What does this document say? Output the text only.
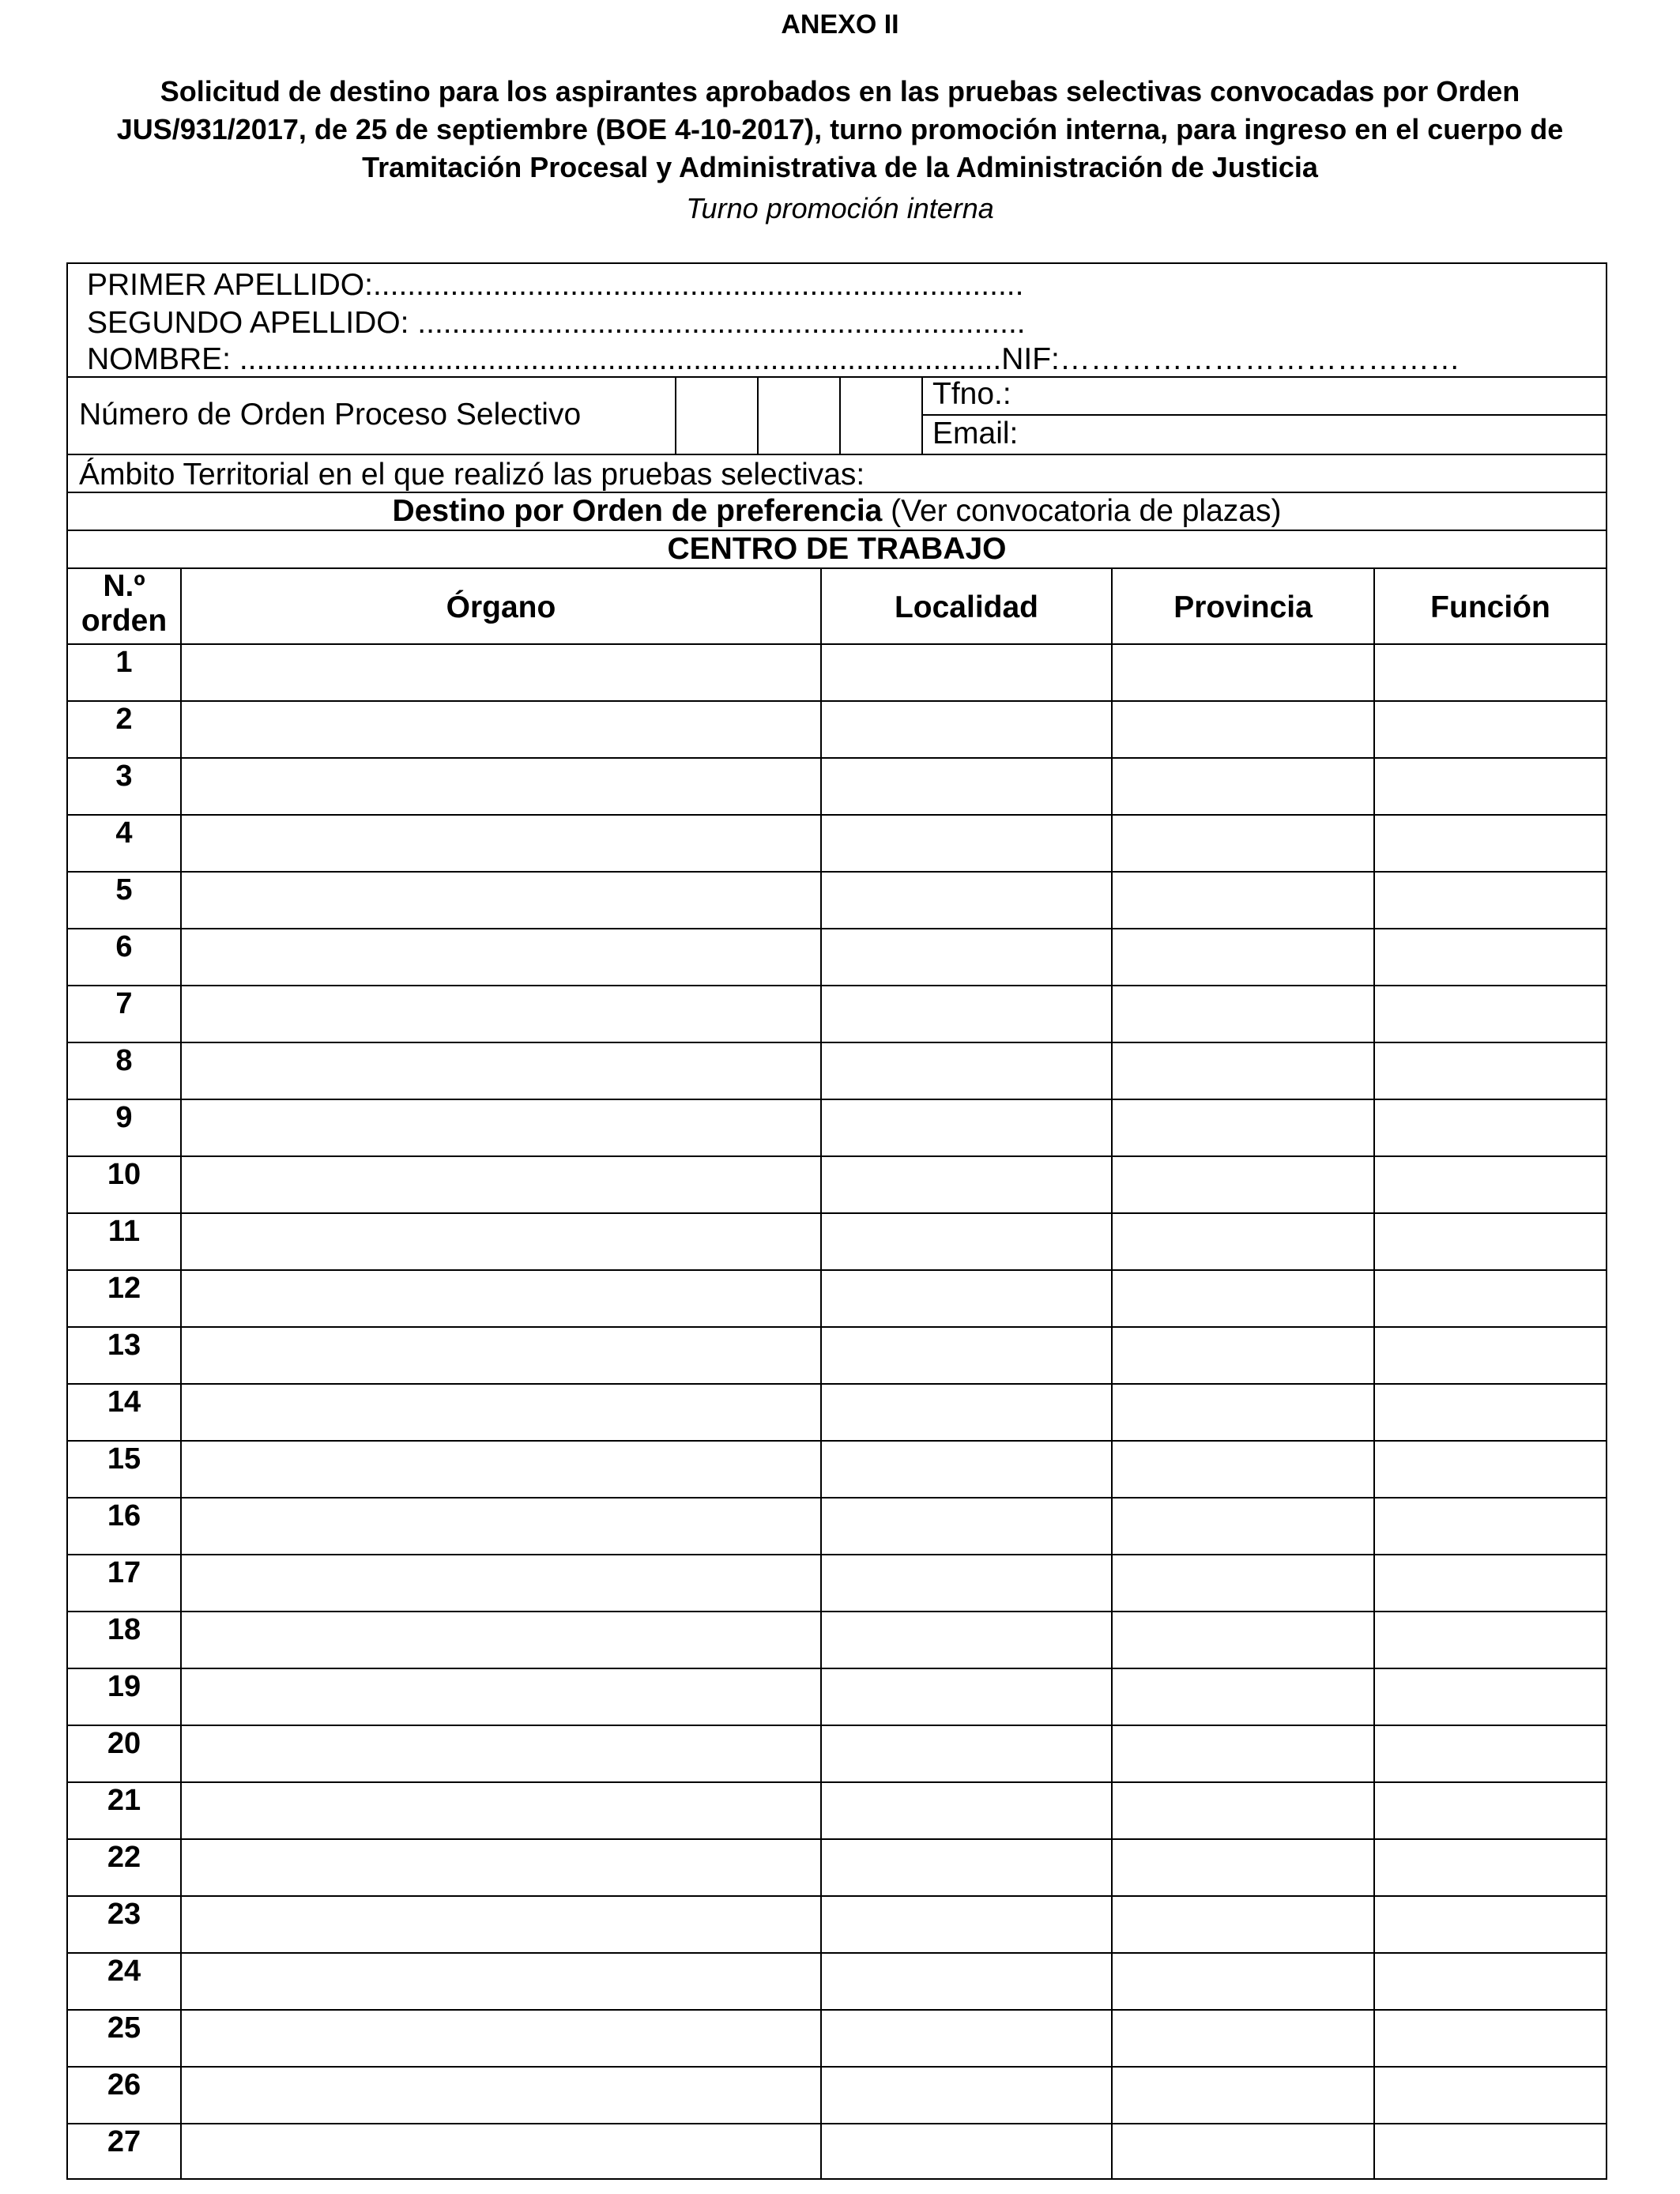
ANEXO II
Solicitud de destino para los aspirantes aprobados en las pruebas selectivas convocadas por Orden
JUS/931/2017, de 25 de septiembre (BOE 4-10-2017), turno promoción interna, para ingreso en el cuerpo de
Tramitación Procesal y Administrativa de la Administración de Justicia
Turno promoción interna
PRIMER APELLIDO:............................................................................
SEGUNDO APELLIDO: .......................................................................
NOMBRE: .........................................................................................NIF:…………………………………
Número de Orden Proceso Selectivo
Tfno.:
Email:
Ámbito Territorial en el que realizó las pruebas selectivas:
Destino por Orden de preferencia (Ver convocatoria de plazas)
CENTRO DE TRABAJO
N.º
orden	Órgano	Localidad	Provincia	Función
1
2
3
4
5
6
7
8
9
10
11
12
13
14
15
16
17
18
19
20
21
22
23
24
25
26
27
